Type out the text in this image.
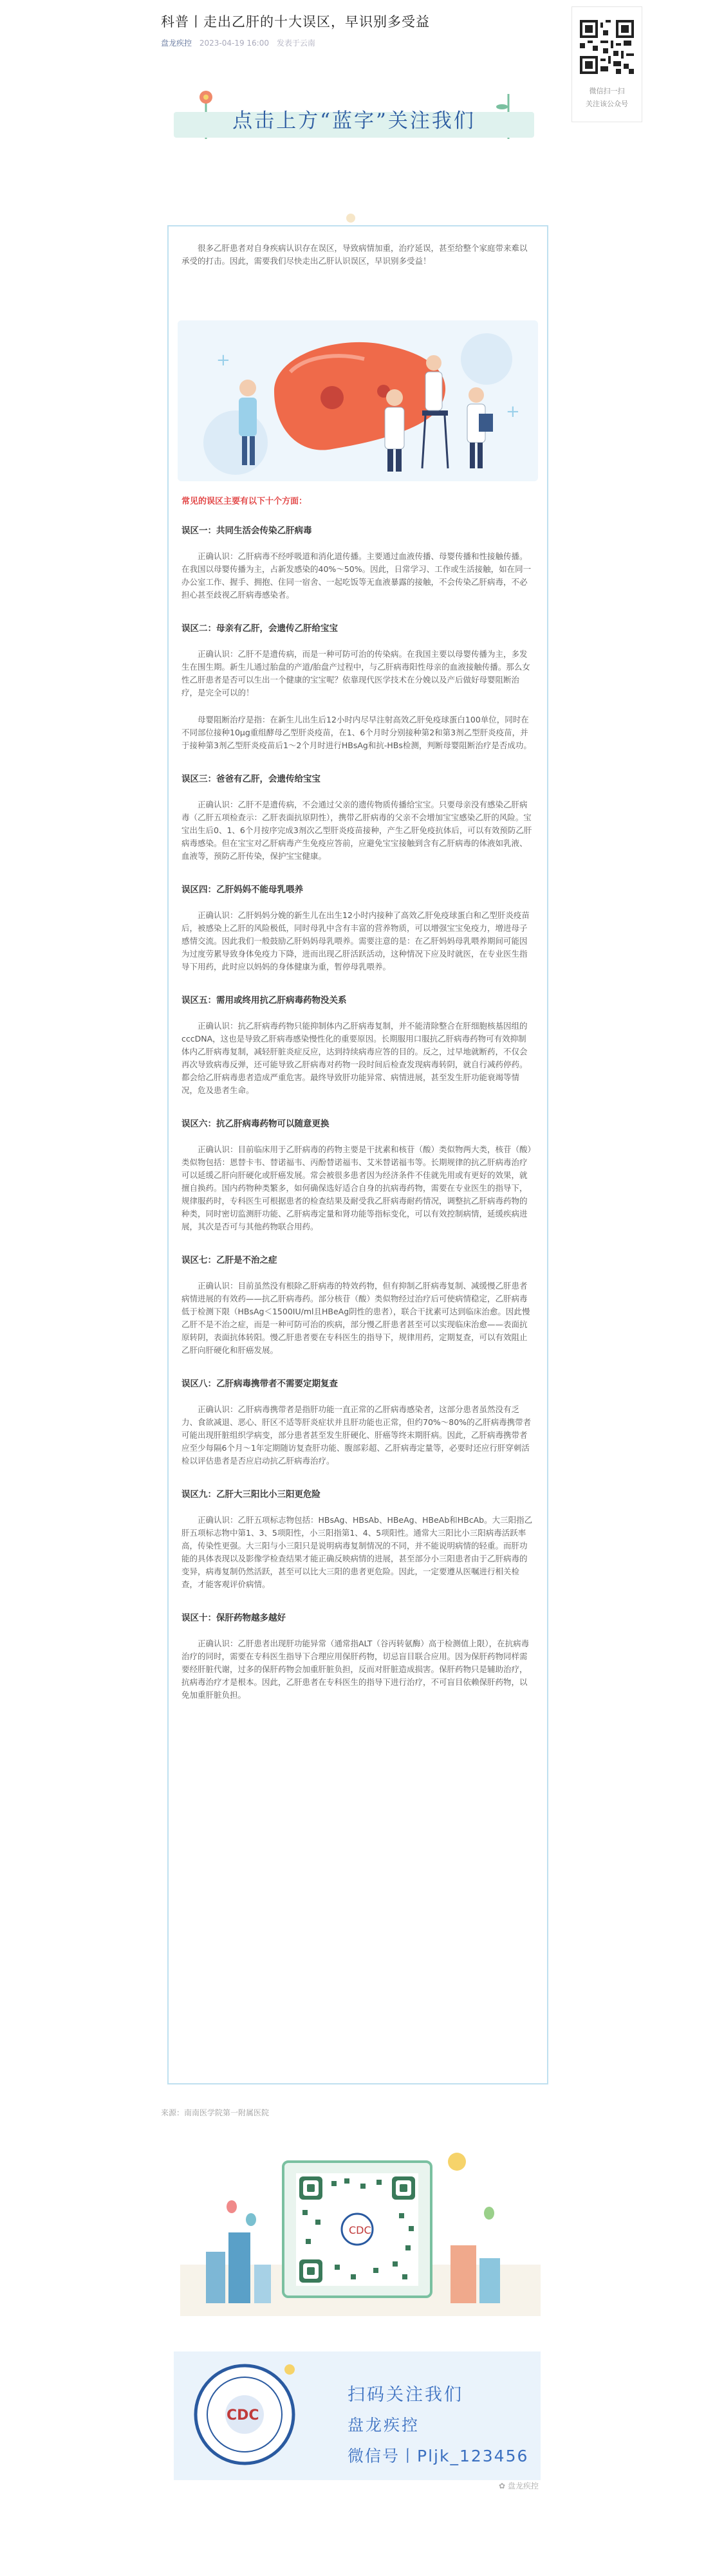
科普丨走出乙肝的十大误区，早识别多受益
盘龙疾控 2023-04-19 16:00 发表于云南
微信扫一扫
关注该公众号
点击上方“蓝字”关注我们
+
+

很多乙肝患者对自身疾病认识存在误区，导致病情加重，治疗延误，甚至给整个家庭带来难以承受的打击。因此，需要我们尽快走出乙肝认识误区，早识别多受益！

常见的误区主要有以下十个方面：

误区一：共同生活会传染乙肝病毒

正确认识：乙肝病毒不经呼吸道和消化道传播。主要通过血液传播、母婴传播和性接触传播。在我国以母婴传播为主，占新发感染的40%～50%。因此，日常学习、工作或生活接触，如在同一办公室工作、握手、拥抱、住同一宿舍、一起吃饭等无血液暴露的接触，不会传染乙肝病毒，不必担心甚至歧视乙肝病毒感染者。

误区二：母亲有乙肝，会遗传乙肝给宝宝

正确认识：乙肝不是遗传病，而是一种可防可治的传染病。在我国主要以母婴传播为主，多发生在围生期。新生儿通过胎盘的产道/胎盘产过程中，与乙肝病毒阳性母亲的血液接触传播。那么女性乙肝患者是否可以生出一个健康的宝宝呢？依靠现代医学技术在分娩以及产后做好母婴阻断治疗，是完全可以的！

母婴阻断治疗是指：在新生儿出生后12小时内尽早注射高效乙肝免疫球蛋白100单位，同时在不同部位接种10μg重组酵母乙型肝炎疫苗，在1、6个月时分别接种第2和第3剂乙型肝炎疫苗，并于接种第3剂乙型肝炎疫苗后1～2个月时进行HBsAg和抗-HBs检测，判断母婴阻断治疗是否成功。

误区三：爸爸有乙肝，会遗传给宝宝

正确认识：乙肝不是遗传病，不会通过父亲的遗传物质传播给宝宝。只要母亲没有感染乙肝病毒（乙肝五项检查示：乙肝表面抗原阴性），携带乙肝病毒的父亲不会增加宝宝感染乙肝的风险。宝宝出生后0、1、6个月按序完成3剂次乙型肝炎疫苗接种，产生乙肝免疫抗体后，可以有效预防乙肝病毒感染。但在宝宝对乙肝病毒产生免疫应答前，应避免宝宝接触到含有乙肝病毒的体液如乳液、血液等，预防乙肝传染，保护宝宝健康。

误区四：乙肝妈妈不能母乳喂养

正确认识：乙肝妈妈分娩的新生儿在出生12小时内接种了高效乙肝免疫球蛋白和乙型肝炎疫苗后，被感染上乙肝的风险极低，同时母乳中含有丰富的营养物质，可以增强宝宝免疫力，增进母子感情交流。因此我们一般鼓励乙肝妈妈母乳喂养。需要注意的是：在乙肝妈妈母乳喂养期间可能因为过度劳累导致身体免疫力下降，进而出现乙肝活跃活动，这种情况下应及时就医，在专业医生指导下用药，此时应以妈妈的身体健康为重，暂停母乳喂养。

误区五：需用或终用抗乙肝病毒药物没关系

正确认识：抗乙肝病毒药物只能抑制体内乙肝病毒复制，并不能清除整合在肝细胞核基因组的cccDNA，这也是导致乙肝病毒感染慢性化的重要原因。长期服用口服抗乙肝病毒药物可有效抑制体内乙肝病毒复制，减轻肝脏炎症反应，达到持续病毒应答的目的。反之，过早地就断药，不仅会再次导致病毒反弹，还可能导致乙肝病毒对药物一段时间后检查发现病毒转阴，就自行减药停药。都会给乙肝病毒患者造成严重危害。最终导致肝功能异常、病情进展，甚至发生肝功能衰竭等情况，危及患者生命。

误区六：抗乙肝病毒药物可以随意更换

正确认识：目前临床用于乙肝病毒的药物主要是干扰素和核苷（酸）类似物两大类，核苷（酸）类似物包括：恩替卡韦、替诺福韦、丙酚替诺福韦、艾米替诺福韦等。长期规律的抗乙肝病毒治疗可以延缓乙肝向肝硬化或肝癌发展。常会被很多患者因为经济条件不佳就先用或有更好的效果，就擅自换药。国内药物种类繁多，如何确保选好适合自身的抗病毒药物，需要在专业医生的指导下，规律服药时，专科医生可根据患者的检查结果及耐受我乙肝病毒耐药情况，调整抗乙肝病毒药物的种类，同时密切监测肝功能、乙肝病毒定量和肾功能等指标变化，可以有效控制病情，延缓疾病进展，其次是否可与其他药物联合用药。

误区七：乙肝是不治之症

正确认识：目前虽然没有根除乙肝病毒的特效药物，但有抑制乙肝病毒复制、减缓慢乙肝患者病情进展的有效药——抗乙肝病毒药。部分核苷（酸）类似物经过治疗后可使病情稳定，乙肝病毒低于检测下限（HBsAg＜1500IU/ml且HBeAg阴性的患者），联合干扰素可达到临床治愈。因此慢乙肝不是不治之症，而是一种可防可治的疾病，部分慢乙肝患者甚至可以实现临床治愈——表面抗原转阴，表面抗体转阳。慢乙肝患者要在专科医生的指导下，规律用药，定期复查，可以有效阻止乙肝向肝硬化和肝癌发展。

误区八：乙肝病毒携带者不需要定期复查

正确认识：乙肝病毒携带者是指肝功能一直正常的乙肝病毒感染者，这部分患者虽然没有乏力、食欲减退、恶心、肝区不适等肝炎症状并且肝功能也正常，但约70%～80%的乙肝病毒携带者可能出现肝脏组织学病变，部分患者甚至发生肝硬化、肝癌等终末期肝病。因此，乙肝病毒携带者应至少每隔6个月～1年定期随访复查肝功能、腹部彩超、乙肝病毒定量等，必要时还应行肝穿刺活检以评估患者是否应启动抗乙肝病毒治疗。

误区九：乙肝大三阳比小三阳更危险

正确认识：乙肝五项标志物包括：HBsAg、HBsAb、HBeAg、HBeAb和HBcAb。大三阳指乙肝五项标志物中第1、3、5项阳性，小三阳指第1、4、5项阳性。通常大三阳比小三阳病毒活跃率高，传染性更强。大三阳与小三阳只是说明病毒复制情况的不同，并不能说明病情的轻重。而肝功能的具体表现以及影像学检查结果才能正确反映病情的进展，甚至部分小三阳患者由于乙肝病毒的变异，病毒复制仍然活跃，甚至可以比大三阳的患者更危险。因此，一定要遵从医嘱进行相关检查，才能客观评价病情。

误区十：保肝药物越多越好

正确认识：乙肝患者出现肝功能异常（通常指ALT（谷丙转氨酶）高于检测值上限），在抗病毒治疗的同时，需要在专科医生指导下合理应用保肝药物，切忌盲目联合应用。因为保肝药物同样需要经肝脏代谢，过多的保肝药物会加重肝脏负担，反而对肝脏造成损害。保肝药物只是辅助治疗，抗病毒治疗才是根本。因此，乙肝患者在专科医生的指导下进行治疗，不可盲目依赖保肝药物，以免加重肝脏负担。

来源：南南医学院第一附属医院
CDC
CDC
扫码关注我们
盘龙疾控
微信号丨Pljk_123456
✿ 盘龙疾控
